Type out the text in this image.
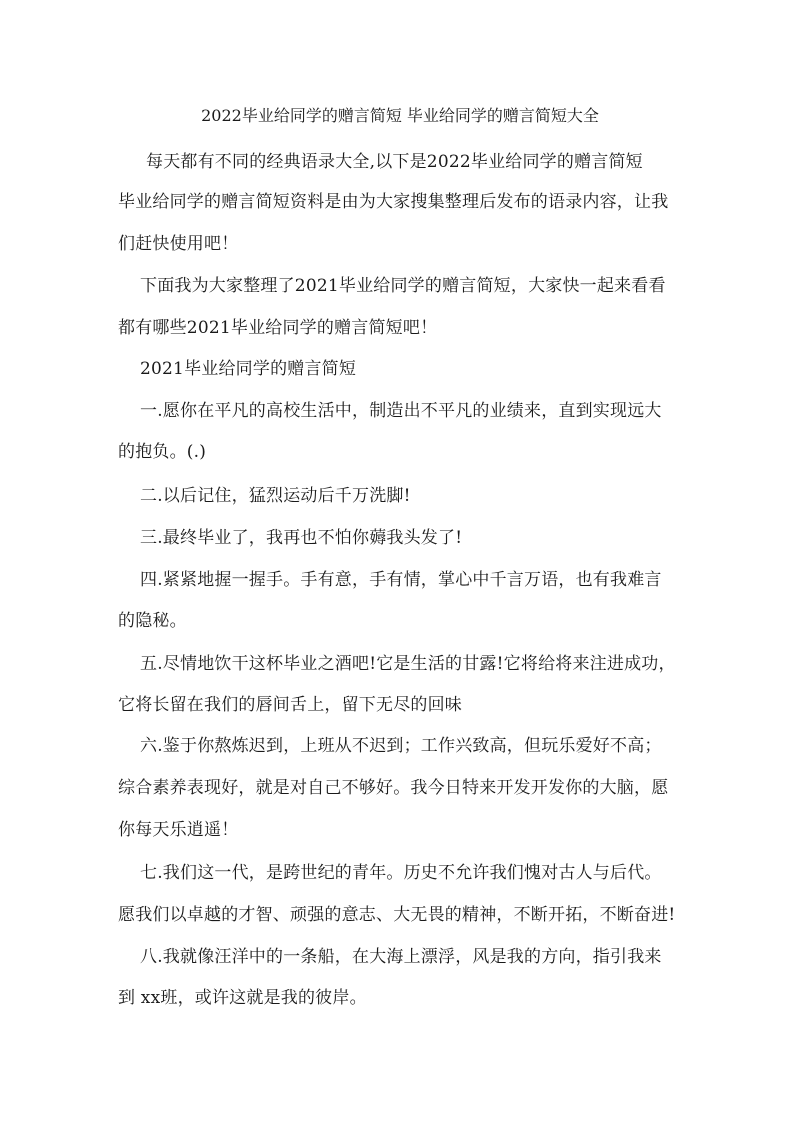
2022毕业给同学的赠言简短 毕业给同学的赠言简短大全
每天都有不同的经典语录大全,以下是2022毕业给同学的赠言简短
毕业给同学的赠言简短资料是由为大家搜集整理后发布的语录内容，让我
们赶快使用吧！
下面我为大家整理了2021毕业给同学的赠言简短，大家快一起来看看
都有哪些2021毕业给同学的赠言简短吧！
2021毕业给同学的赠言简短
一.愿你在平凡的高校生活中，制造出不平凡的业绩来，直到实现远大
的抱负。(.)
二.以后记住，猛烈运动后千万洗脚!
三.最终毕业了，我再也不怕你薅我头发了!
四.紧紧地握一握手。手有意，手有情，掌心中千言万语，也有我难言
的隐秘。
五.尽情地饮干这杯毕业之酒吧!它是生活的甘露!它将给将来注进成功，
它将长留在我们的唇间舌上，留下无尽的回味
六.鉴于你熬炼迟到，上班从不迟到；工作兴致高，但玩乐爱好不高；
综合素养表现好，就是对自己不够好。我今日特来开发开发你的大脑，愿
你每天乐逍遥！
七.我们这一代，是跨世纪的青年。历史不允许我们愧对古人与后代。
愿我们以卓越的才智、顽强的意志、大无畏的精神，不断开拓，不断奋进!
八.我就像汪洋中的一条船，在大海上漂浮，风是我的方向，指引我来
到 xx班，或许这就是我的彼岸。
